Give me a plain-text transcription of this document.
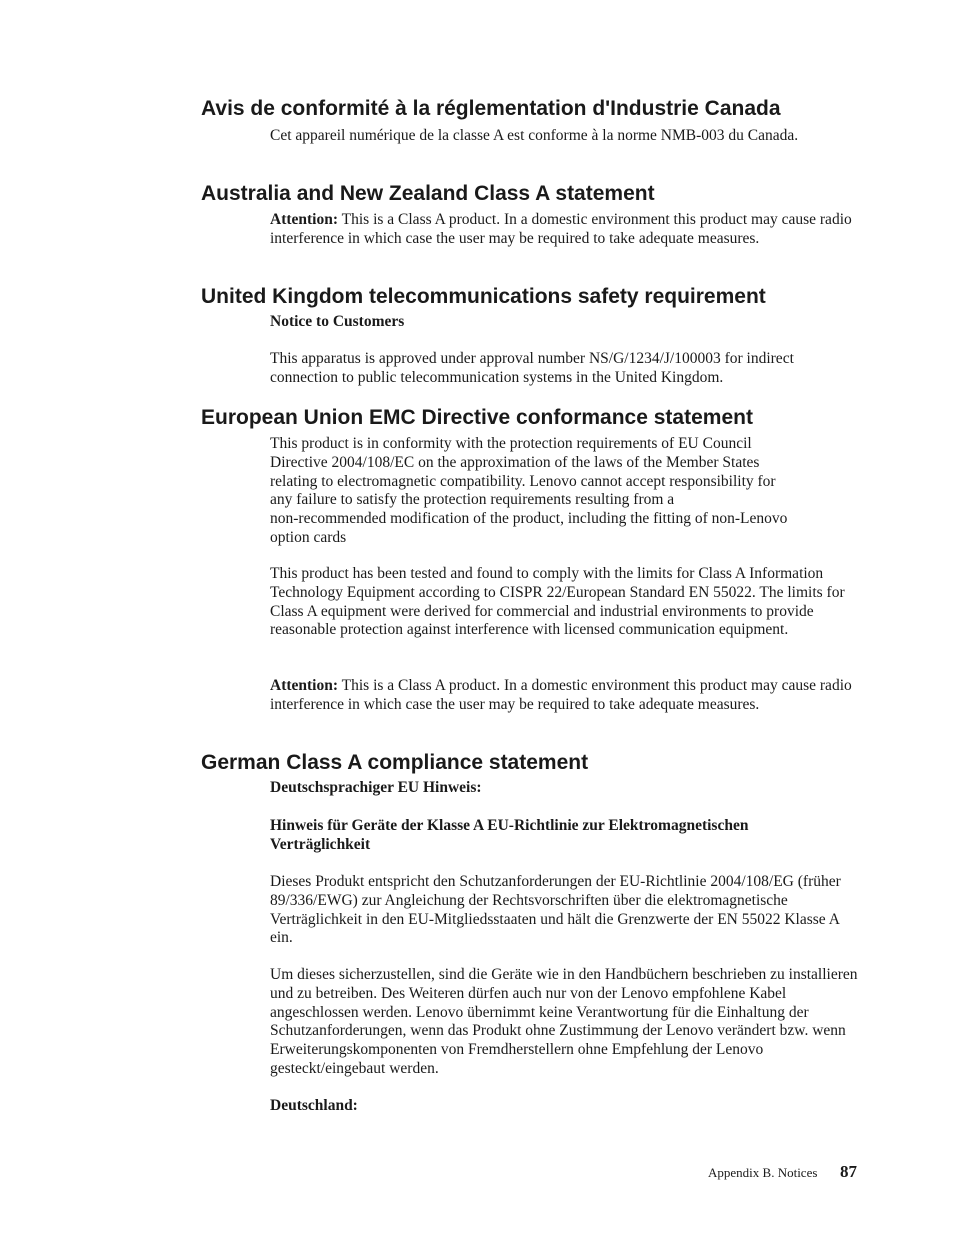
Avis de conformité à la réglementation d'Industrie Canada

Cet appareil numérique de la classe A est conforme à la norme NMB-003 du Canada.

Australia and New Zealand Class A statement

Attention: This is a Class A product. In a domestic environment this product may cause radio interference in which case the user may be required to take adequate measures.

United Kingdom telecommunications safety requirement

Notice to Customers

This apparatus is approved under approval number NS/G/1234/J/100003 for indirect connection to public telecommunication systems in the United Kingdom.

European Union EMC Directive conformance statement
This product is in conformity with the protection requirements of EU Council
Directive 2004/108/EC on the approximation of the laws of the Member States
relating to electromagnetic compatibility. Lenovo cannot accept responsibility for
any failure to satisfy the protection requirements resulting from a
non-recommended modification of the product, including the fitting of non-Lenovo
option cards

This product has been tested and found to comply with the limits for Class A Information Technology Equipment according to CISPR 22/European Standard EN 55022. The limits for Class A equipment were derived for commercial and industrial environments to provide reasonable protection against interference with licensed communication equipment.

Attention: This is a Class A product. In a domestic environment this product may cause radio interference in which case the user may be required to take adequate measures.

German Class A compliance statement

Deutschsprachiger EU Hinweis:

Hinweis für Geräte der Klasse A EU-Richtlinie zur Elektromagnetischen Verträglichkeit

Dieses Produkt entspricht den Schutzanforderungen der EU-Richtlinie 2004/108/EG (früher 89/336/EWG) zur Angleichung der Rechtsvorschriften über die elektromagnetische Verträglichkeit in den EU-Mitgliedsstaaten und hält die Grenzwerte der EN 55022 Klasse A ein.

Um dieses sicherzustellen, sind die Geräte wie in den Handbüchern beschrieben zu installieren und zu betreiben. Des Weiteren dürfen auch nur von der Lenovo empfohlene Kabel angeschlossen werden. Lenovo übernimmt keine Verantwortung für die Einhaltung der Schutzanforderungen, wenn das Produkt ohne Zustimmung der Lenovo verändert bzw. wenn Erweiterungskomponenten von Fremdherstellern ohne Empfehlung der Lenovo gesteckt/eingebaut werden.

Deutschland:

Appendix B. Notices 87
